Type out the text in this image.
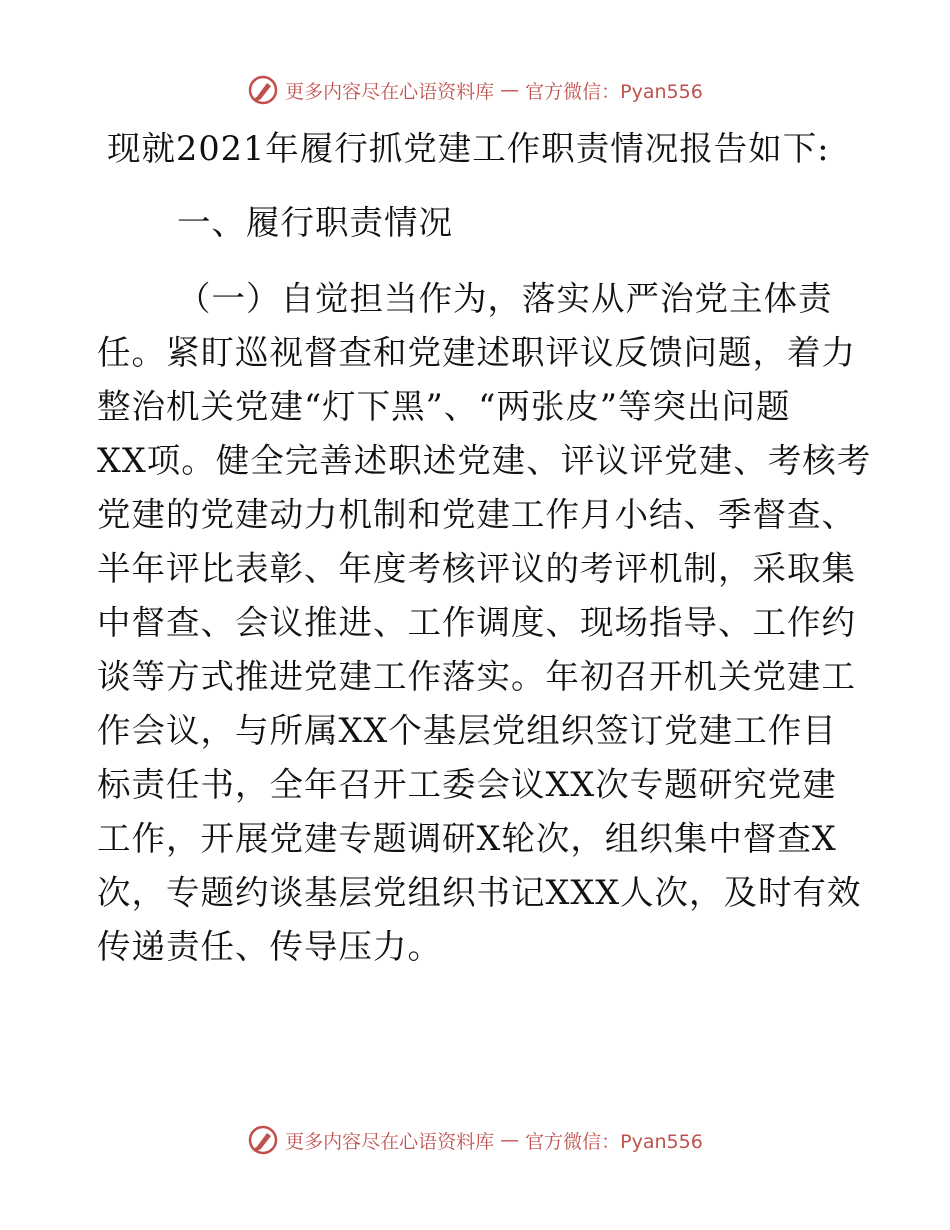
更多内容尽在心语资料库 — 官方微信：Pyan556
现就2021年履行抓党建工作职责情况报告如下:
一、履行职责情况
（一）自觉担当作为，落实从严治党主体责
任。紧盯巡视督查和党建述职评议反馈问题，着力
整治机关党建“灯下黑”、“两张皮”等突出问题
XX项。健全完善述职述党建、评议评党建、考核考
党建的党建动力机制和党建工作月小结、季督查、
半年评比表彰、年度考核评议的考评机制，采取集
中督查、会议推进、工作调度、现场指导、工作约
谈等方式推进党建工作落实。年初召开机关党建工
作会议，与所属XX个基层党组织签订党建工作目
标责任书，全年召开工委会议XX次专题研究党建
工作，开展党建专题调研X轮次，组织集中督查X
次，专题约谈基层党组织书记XXX人次，及时有效
传递责任、传导压力。
更多内容尽在心语资料库 — 官方微信：Pyan556
